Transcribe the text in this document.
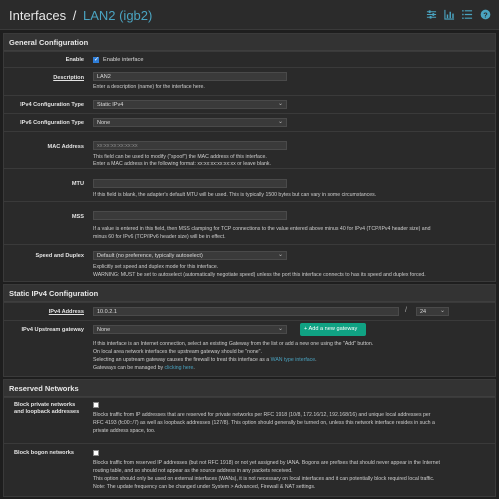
Interfaces / LAN2 (igb2)	?
General Configuration
Enable
✓	Enable interface
Description	LAN2
Enter a description (name) for the interface here.
IPv4 Configuration Type	Static IPv4 ⌄
IPv6 Configuration Type	None ⌄
MAC Address	xx:xx:xx:xx:xx:xx
This field can be used to modify ("spoof") the MAC address of this interface.
Enter a MAC address in the following format: xx:xx:xx:xx:xx:xx or leave blank.
MTU
If this field is blank, the adapter's default MTU will be used. This is typically 1500 bytes but can vary in some circumstances.
MSS
If a value is entered in this field, then MSS clamping for TCP connections to the value entered above minus 40 for IPv4 (TCP/IPv4 header size) and
minus 60 for IPv6 (TCP/IPv6 header size) will be in effect.
Speed and Duplex	Default (no preference, typically autoselect) ⌄
Explicitly set speed and duplex mode for this interface.
WARNING: MUST be set to autoselect (automatically negotiate speed) unless the port this interface connects to has its speed and duplex forced.
Static IPv4 Configuration
IPv4 Address	10.0.2.1	/	24 ⌄
IPv4 Upstream gateway	None ⌄	+ Add a new gateway
If this interface is an Internet connection, select an existing Gateway from the list or add a new one using the "Add" button.
On local area network interfaces the upstream gateway should be "none".
Selecting an upstream gateway causes the firewall to treat this interface as a WAN type interface.
Gateways can be managed by clicking here.
Reserved Networks
Block private networks
and loopback addresses	Blocks traffic from IP addresses that are reserved for private networks per RFC 1918 (10/8, 172.16/12, 192.168/16) and unique local addresses per
RFC 4193 (fc00::/7) as well as loopback addresses (127/8). This option should generally be turned on, unless this network interface resides in such a
private address space, too.
Block bogon networks
Blocks traffic from reserved IP addresses (but not RFC 1918) or not yet assigned by IANA. Bogons are prefixes that should never appear in the Internet
routing table, and so should not appear as the source address in any packets received.
This option should only be used on external interfaces (WANs), it is not necessary on local interfaces and it can potentially block required local traffic.
Note: The update frequency can be changed under System > Advanced, Firewall & NAT settings.
